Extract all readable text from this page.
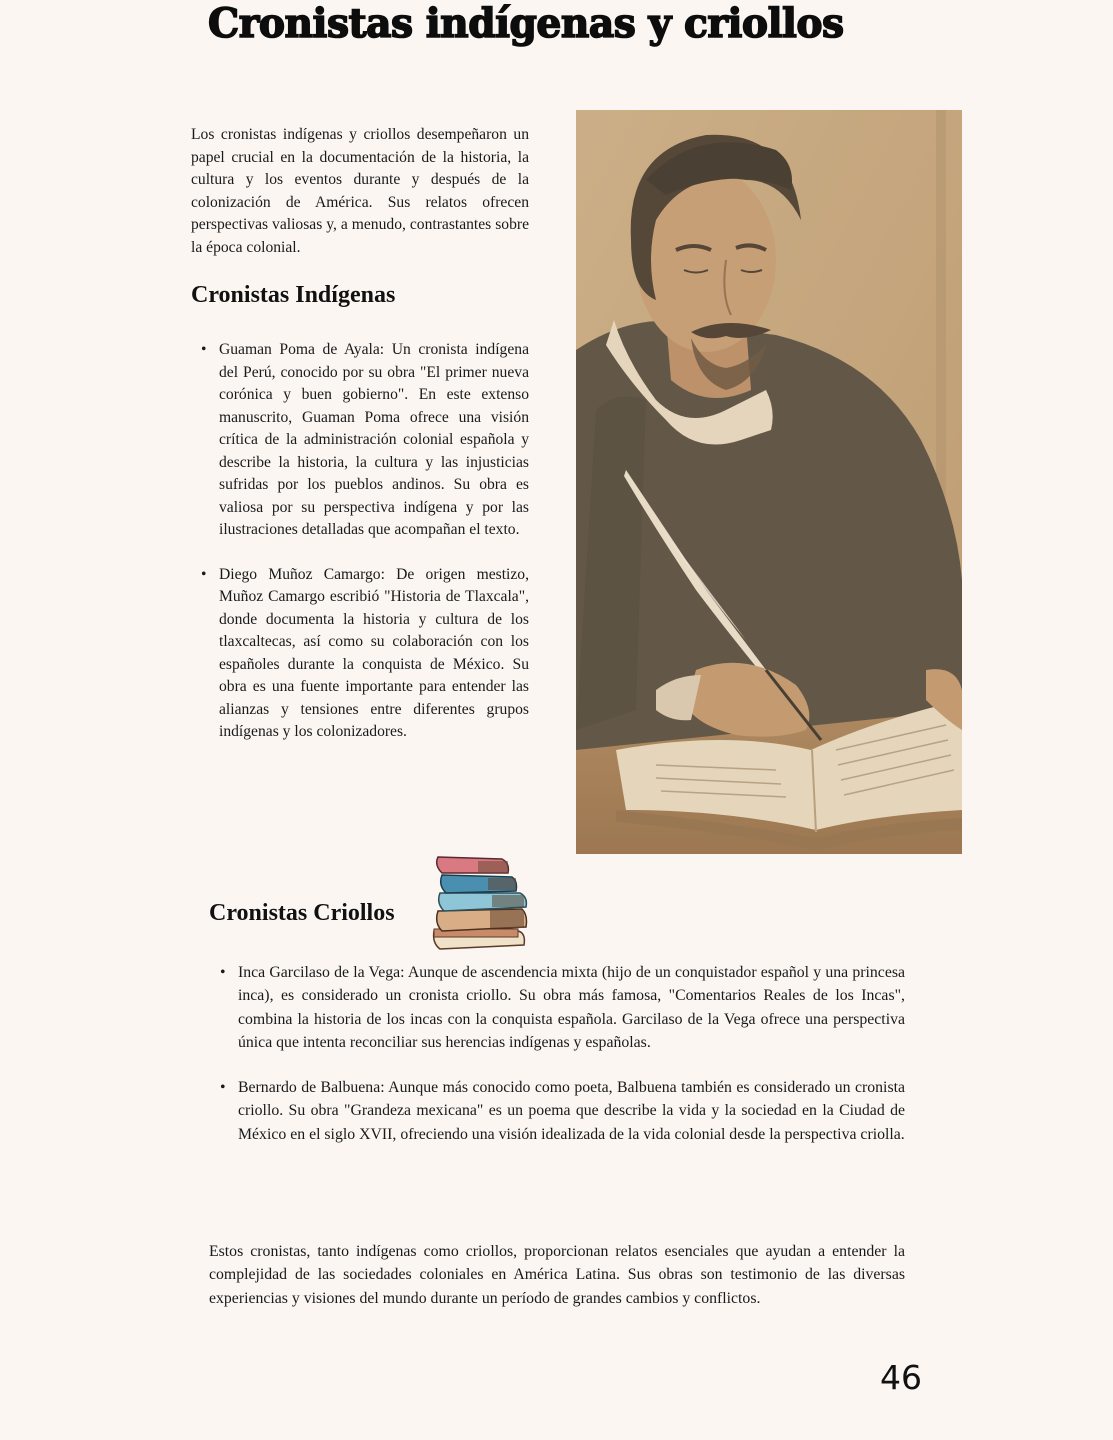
Cronistas indígenas y criollos

Los cronistas indígenas y criollos desempeñaron un papel crucial en la documentación de la historia, la cultura y los eventos durante y después de la colonización de América. Sus relatos ofrecen perspectivas valiosas y, a menudo, contrastantes sobre la época colonial.

Cronistas Indígenas
• Guaman Poma de Ayala: Un cronista indígena del Perú, conocido por su obra "El primer nueva corónica y buen gobierno". En este extenso manuscrito, Guaman Poma ofrece una visión crítica de la administración colonial española y describe la historia, la cultura y las injusticias sufridas por los pueblos andinos. Su obra es valiosa por su perspectiva indígena y por las ilustraciones detalladas que acompañan el texto.
• Diego Muñoz Camargo: De origen mestizo, Muñoz Camargo escribió "Historia de Tlaxcala", donde documenta la historia y cultura de los tlaxcaltecas, así como su colaboración con los españoles durante la conquista de México. Su obra es una fuente importante para entender las alianzas y tensiones entre diferentes grupos indígenas y los colonizadores.
Cronistas Criollos
• Inca Garcilaso de la Vega: Aunque de ascendencia mixta (hijo de un conquistador español y una princesa inca), es considerado un cronista criollo. Su obra más famosa, "Comentarios Reales de los Incas", combina la historia de los incas con la conquista española. Garcilaso de la Vega ofrece una perspectiva única que intenta reconciliar sus herencias indígenas y españolas.
• Bernardo de Balbuena: Aunque más conocido como poeta, Balbuena también es considerado un cronista criollo. Su obra "Grandeza mexicana" es un poema que describe la vida y la sociedad en la Ciudad de México en el siglo XVII, ofreciendo una visión idealizada de la vida colonial desde la perspectiva criolla.

Estos cronistas, tanto indígenas como criollos, proporcionan relatos esenciales que ayudan a entender la complejidad de las sociedades coloniales en América Latina. Sus obras son testimonio de las diversas experiencias y visiones del mundo durante un período de grandes cambios y conflictos.

46
